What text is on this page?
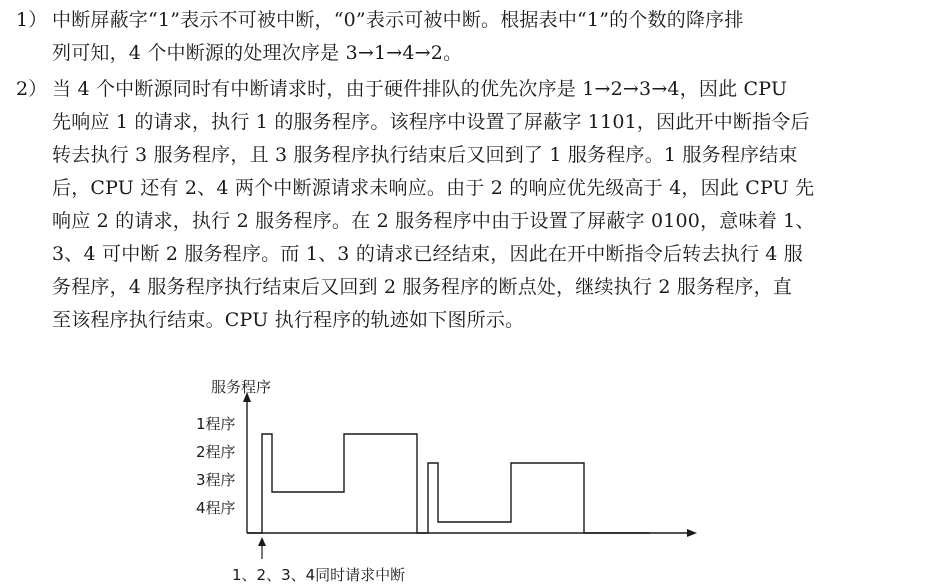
1） 中断屏蔽字“1”表示不可被中断，“0”表示可被中断。根据表中“1”的个数的降序排
列可知，4 个中断源的处理次序是 3→1→4→2。
2） 当 4 个中断源同时有中断请求时，由于硬件排队的优先次序是 1→2→3→4，因此 CPU
先响应 1 的请求，执行 1 的服务程序。该程序中设置了屏蔽字 1101，因此开中断指令后
转去执行 3 服务程序，且 3 服务程序执行结束后又回到了 1 服务程序。1 服务程序结束
后，CPU 还有 2、4 两个中断源请求未响应。由于 2 的响应优先级高于 4，因此 CPU 先
响应 2 的请求，执行 2 服务程序。在 2 服务程序中由于设置了屏蔽字 0100，意味着 1、
3、4 可中断 2 服务程序。而 1、3 的请求已经结束，因此在开中断指令后转去执行 4 服
务程序，4 服务程序执行结束后又回到 2 服务程序的断点处，继续执行 2 服务程序，直
至该程序执行结束。CPU 执行程序的轨迹如下图所示。
服务程序
1程序
2程序
3程序
4程序
1、2、3、4同时请求中断
